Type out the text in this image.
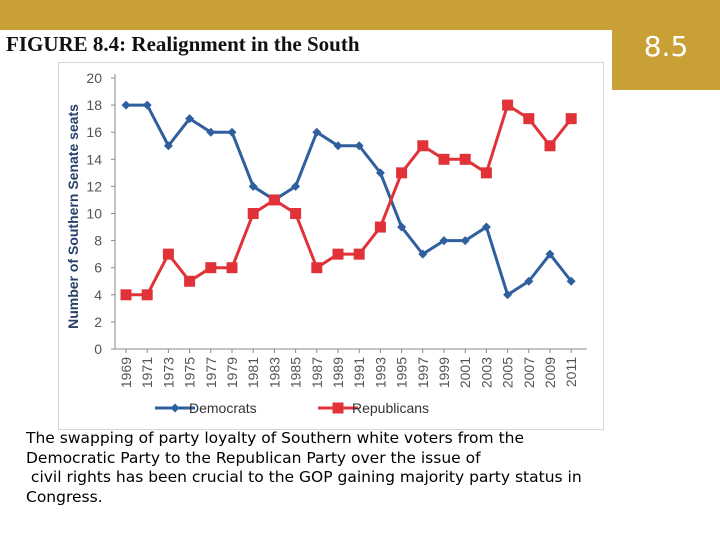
8.5
FIGURE 8.4: Realignment in the South
0
2
4
6
8
10
12
14
16
18
20
Number of Southern Senate seats
1969 1971 1973 1975 1977 1979 1981 1983 1985 1987 1989 1991 1993 1995 1997 1999 2001 2003 2005 2007 2009 2011
Democrats	Republicans
The swapping of party loyalty of Southern white voters from the
Democratic Party to the Republican Party over the issue of
civil rights has been crucial to the GOP gaining majority party status in
Congress.
